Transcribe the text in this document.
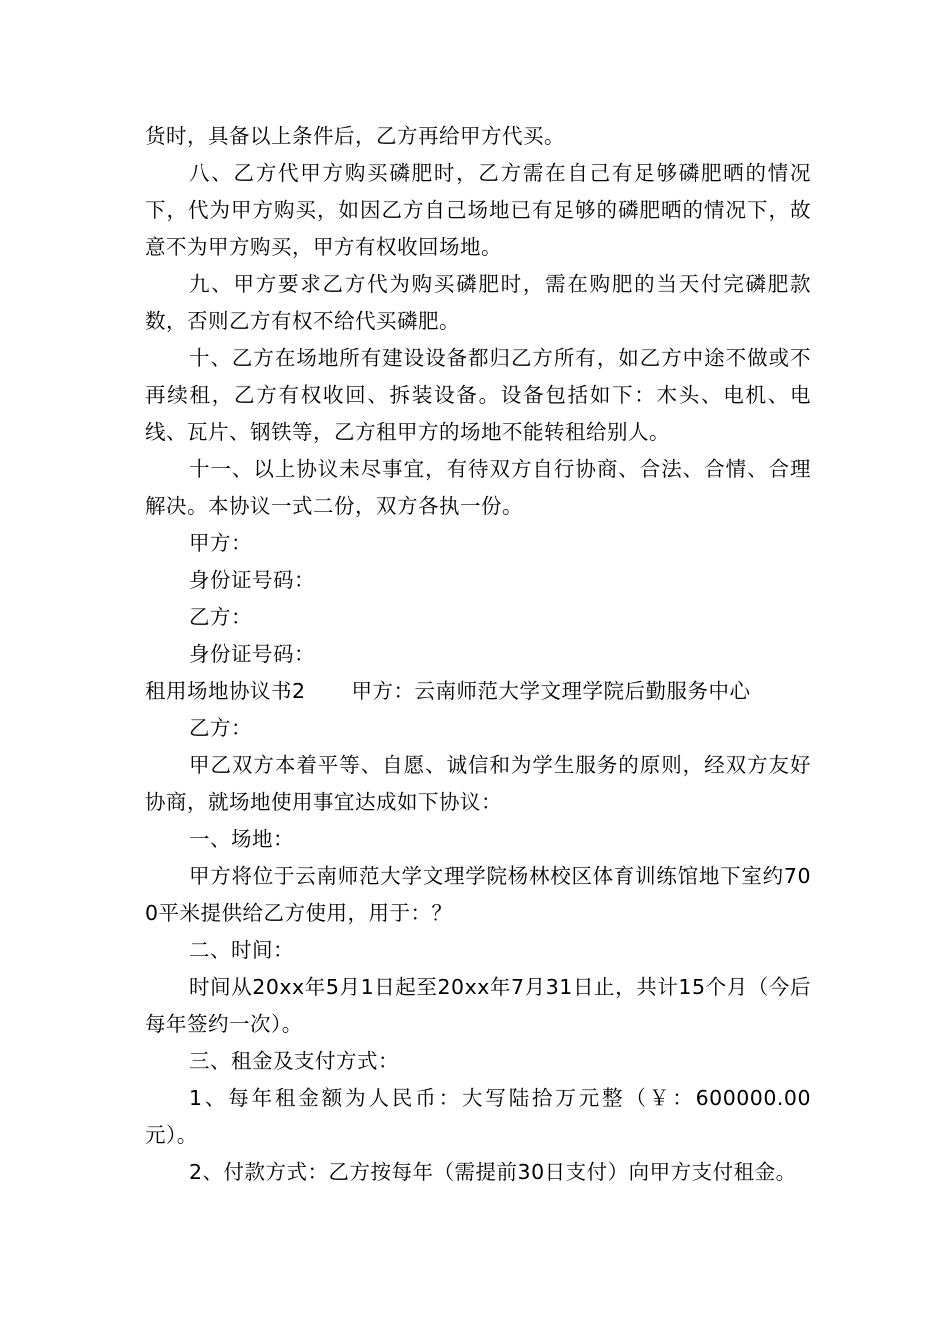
货时，具备以上条件后，乙方再给甲方代买。

八、乙方代甲方购买磷肥时，乙方需在自己有足够磷肥晒的情况下，代为甲方购买，如因乙方自己场地已有足够的磷肥晒的情况下，故意不为甲方购买，甲方有权收回场地。

九、甲方要求乙方代为购买磷肥时，需在购肥的当天付完磷肥款数，否则乙方有权不给代买磷肥。

十、乙方在场地所有建设设备都归乙方所有，如乙方中途不做或不再续租，乙方有权收回、拆装设备。设备包括如下：木头、电机、电线、瓦片、钢铁等，乙方租甲方的场地不能转租给别人。

十一、以上协议未尽事宜，有待双方自行协商、合法、合情、合理解决。本协议一式二份，双方各执一份。

甲方：

身份证号码：

乙方：

身份证号码：

租用场地协议书2 甲方：云南师范大学文理学院后勤服务中心

乙方：

甲乙双方本着平等、自愿、诚信和为学生服务的原则，经双方友好协商，就场地使用事宜达成如下协议：

一、场地：

甲方将位于云南师范大学文理学院杨林校区体育训练馆地下室约700平米提供给乙方使用，用于：？

二、时间：

时间从20xx年5月1日起至20xx年7月31日止，共计15个月（今后每年签约一次）。

三、租金及支付方式：

1、每年租金额为人民币：大写陆拾万元整（￥：600000.00元）。

2、付款方式：乙方按每年（需提前30日支付）向甲方支付租金。
